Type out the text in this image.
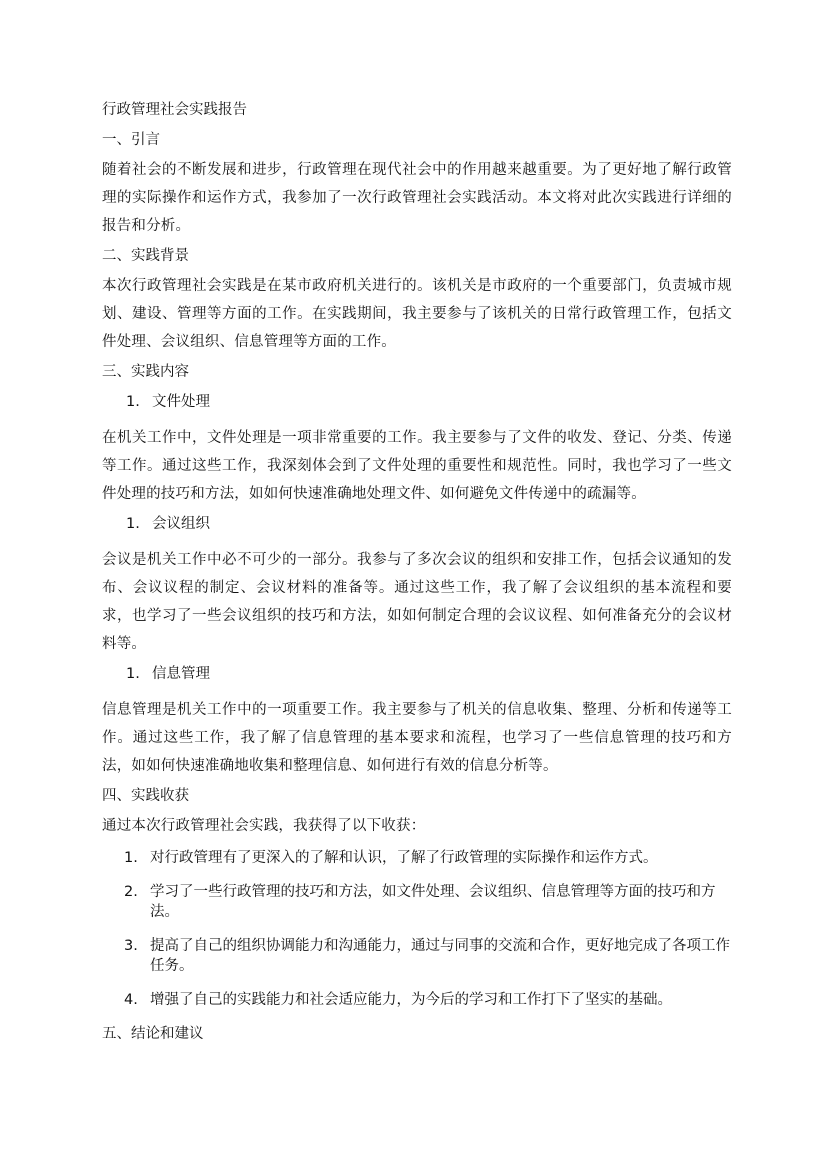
行政管理社会实践报告
一、引言
随着社会的不断发展和进步，行政管理在现代社会中的作用越来越重要。为了更好地了解行政管理的实际操作和运作方式，我参加了一次行政管理社会实践活动。本文将对此次实践进行详细的报告和分析。
二、实践背景
本次行政管理社会实践是在某市政府机关进行的。该机关是市政府的一个重要部门，负责城市规划、建设、管理等方面的工作。在实践期间，我主要参与了该机关的日常行政管理工作，包括文件处理、会议组织、信息管理等方面的工作。
三、实践内容
1. 文件处理
在机关工作中，文件处理是一项非常重要的工作。我主要参与了文件的收发、登记、分类、传递等工作。通过这些工作，我深刻体会到了文件处理的重要性和规范性。同时，我也学习了一些文件处理的技巧和方法，如如何快速准确地处理文件、如何避免文件传递中的疏漏等。
1. 会议组织
会议是机关工作中必不可少的一部分。我参与了多次会议的组织和安排工作，包括会议通知的发布、会议议程的制定、会议材料的准备等。通过这些工作，我了解了会议组织的基本流程和要求，也学习了一些会议组织的技巧和方法，如如何制定合理的会议议程、如何准备充分的会议材料等。
1. 信息管理
信息管理是机关工作中的一项重要工作。我主要参与了机关的信息收集、整理、分析和传递等工作。通过这些工作，我了解了信息管理的基本要求和流程，也学习了一些信息管理的技巧和方法，如如何快速准确地收集和整理信息、如何进行有效的信息分析等。
四、实践收获
通过本次行政管理社会实践，我获得了以下收获：
1. 对行政管理有了更深入的了解和认识，了解了行政管理的实际操作和运作方式。
2. 学习了一些行政管理的技巧和方法，如文件处理、会议组织、信息管理等方面的技巧和方法。
3. 提高了自己的组织协调能力和沟通能力，通过与同事的交流和合作，更好地完成了各项工作任务。
4. 增强了自己的实践能力和社会适应能力，为今后的学习和工作打下了坚实的基础。
五、结论和建议
